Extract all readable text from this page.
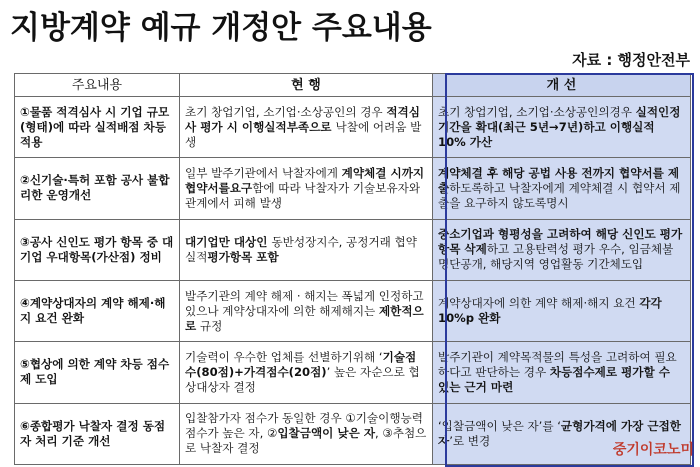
지방계약 예규 개정안 주요내용
자료 : 행정안전부
주요내용	현 행	개 선
①물품 적격심사 시 기업 규모(형태)에 따라 실적배점 차등적용	초기 창업기업, 소기업·소상공인의 경우 적격심사 평가 시 이행실적부족으로 낙찰에 어려움 발생	초기 창업기업, 소기업·소상공인의경우 실적인정기간을 확대(최근 5년→7년)하고 이행실적 10% 가산
②신기술·특허 포함 공사 불합리한 운영개선	일부 발주기관에서 낙찰자에게 계약체결 시까지 협약서를요구함에 따라 낙찰자가 기술보유자와관계에서 피해 발생	계약체결 후 해당 공법 사용 전까지 협약서를 제출하도록하고 낙찰자에게 계약체결 시 협약서 제출을 요구하지 않도록명시
③공사 신인도 평가 항목 중 대기업 우대항목(가산점) 정비	대기업만 대상인 동반성장지수, 공정거래 협약 실적평가항목 포함	중소기업과 형평성을 고려하여 해당 신인도 평가항목 삭제하고 고용탄력성 평가 우수, 임금체불 명단공개, 해당지역 영업활동 기간체도입
④계약상대자의 계약 해제·해지 요건 완화	발주기관의 계약 해제 · 해지는 폭넓게 인정하고 있으나 계약상대자에 의한 해제해지는 제한적으로 규정	계약상대자에 의한 계약 해제·해지 요건 각각 10%p 완화
⑤협상에 의한 계약 차등 점수제 도입	기술력이 우수한 업체를 선별하기위해 ‘기술점수(80점)+가격점수(20점)’ 높은 자순으로 협상대상자 결정	발주기관이 계약목적물의 특성을 고려하여 필요하다고 판단하는 경우 차등점수제로 평가할 수 있는 근거 마련
⑥종합평가 낙찰자 결정 동점자 처리 기준 개선	입찰참가자 점수가 동일한 경우 ①기술이행능력 점수가 높은 자, ②입찰금액이 낮은 자, ③추첨으로 낙찰자 결정	‘입찰금액이 낮은 자’를 ‘균형가격에 가장 근접한 자’로 변경
중기이코노미
